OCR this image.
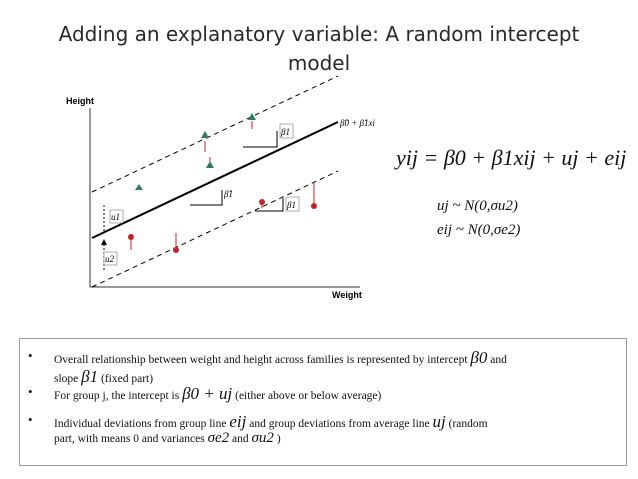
Adding an explanatory variable: A random intercept
model
Height
Weight
β̂0 + β̂1xi
u1
u2
β1
β̂1
β1
yij = β0 + β1xij + uj + eij
uj ~ N(0,σu2)
eij ~ N(0,σe2)
• Overall relationship between weight and height across families is represented by intercept β0 and
slope β1 (fixed part)
• For group j, the intercept is β0 + uj (either above or below average)
• Individual deviations from group line eij and group deviations from average line uj (random
part, with means 0 and variances σe2 and σu2 )
